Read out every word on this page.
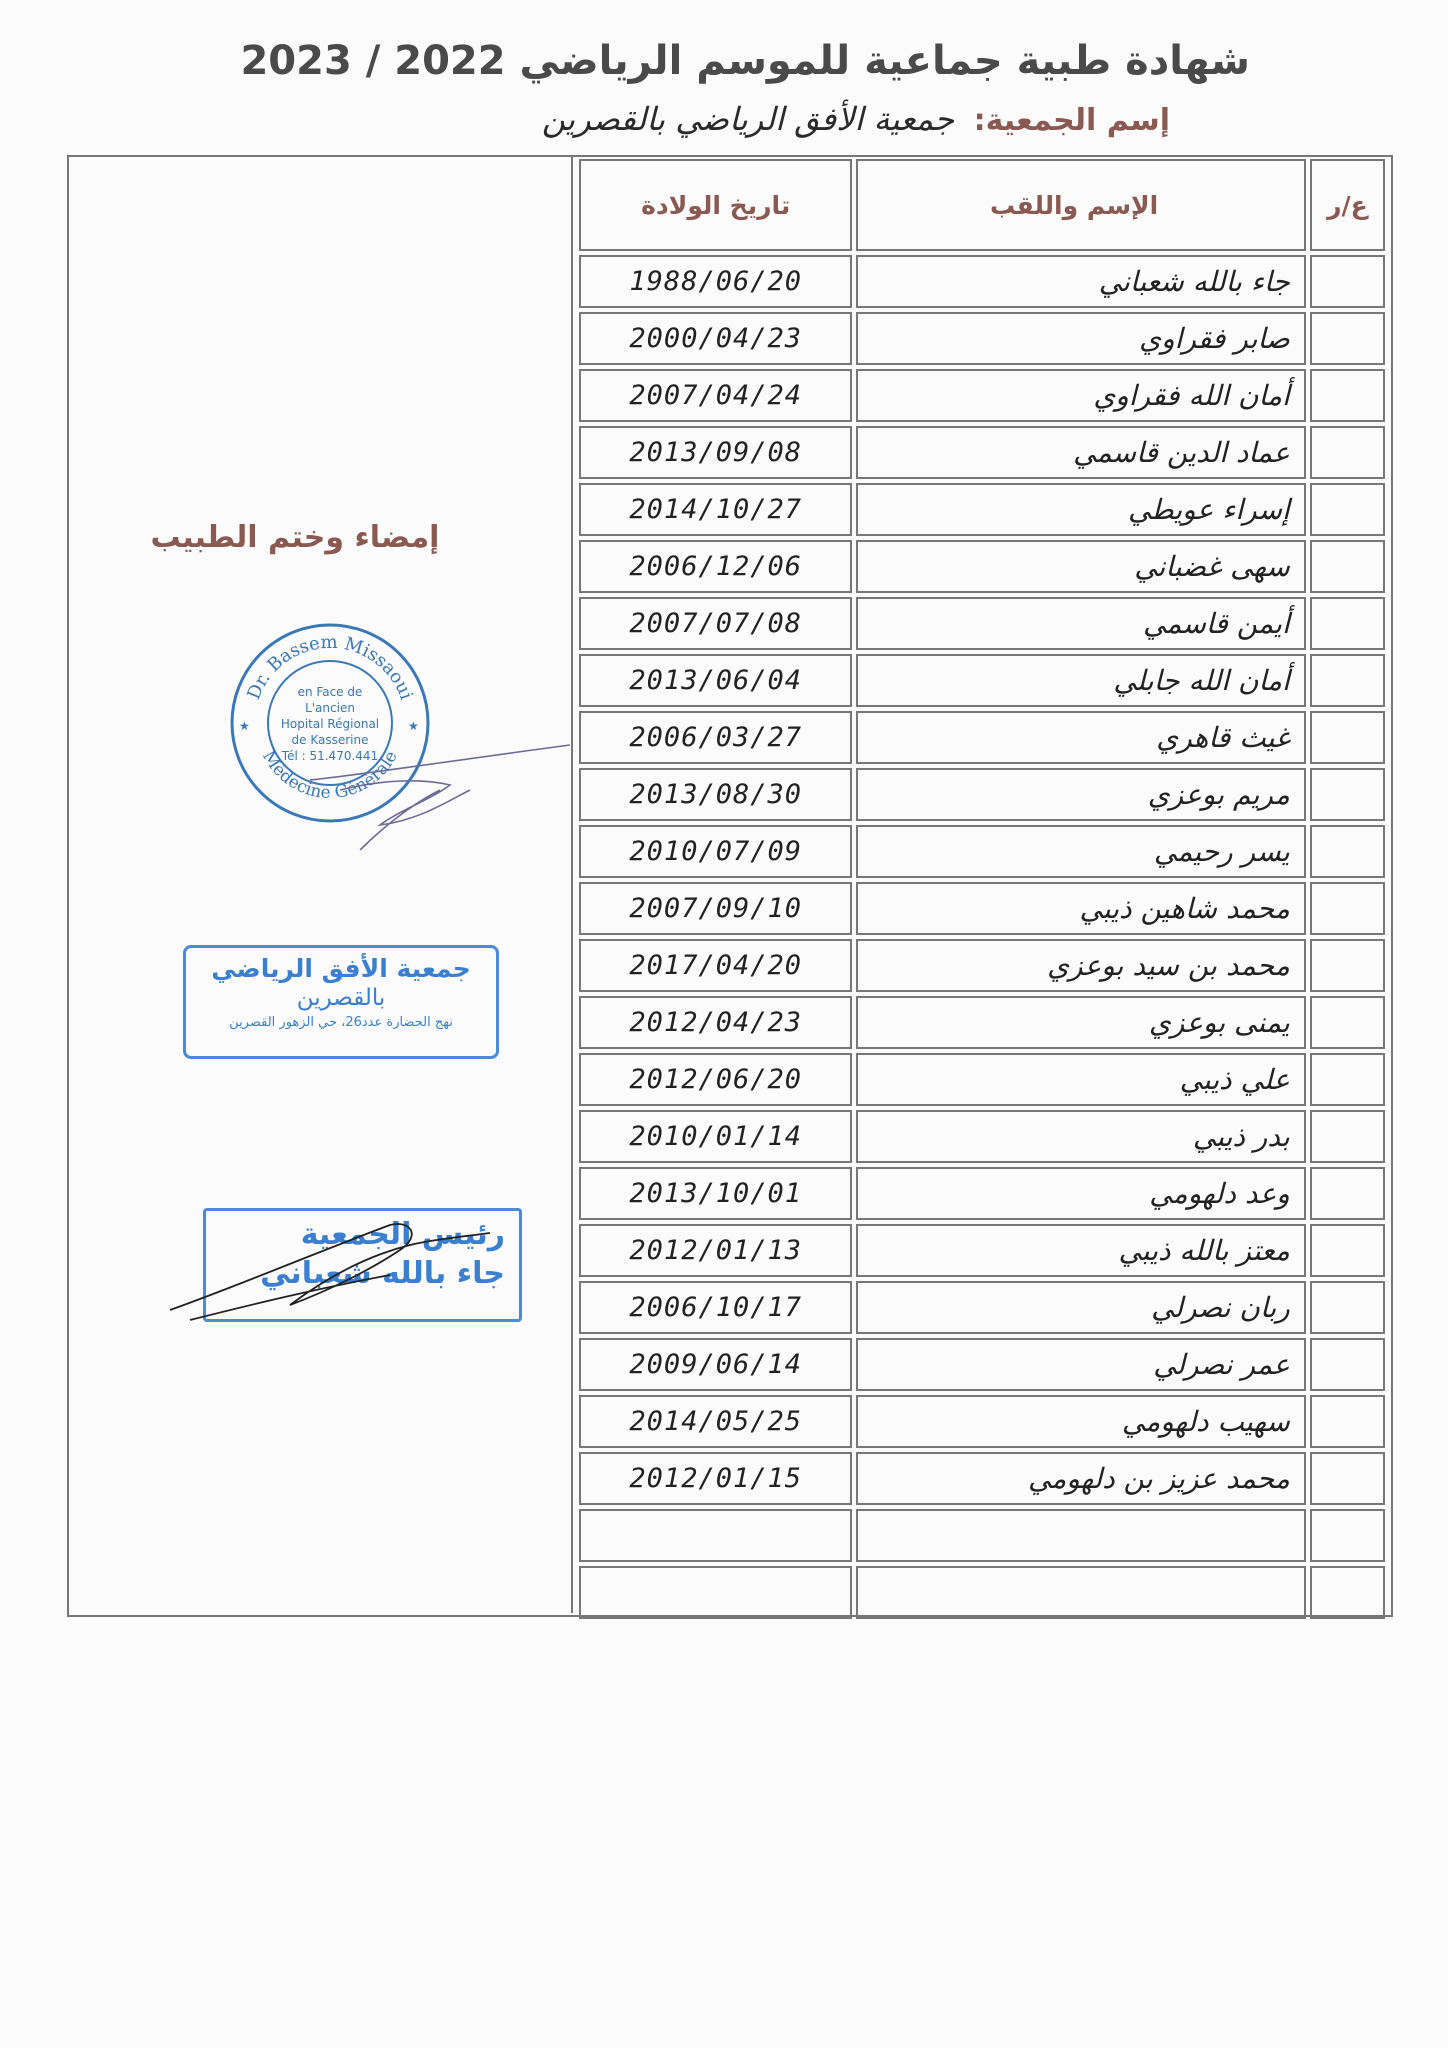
شهادة طبية جماعية للموسم الرياضي 2022 / 2023
إسم الجمعية: جمعية الأفق الرياضي بالقصرين
ع/ر	الإسم واللقب	تاريخ الولادة
	جاء بالله شعباني	1988/06/20
	صابر فقراوي	2000/04/23
	أمان الله فقراوي	2007/04/24
	عماد الدين قاسمي	2013/09/08
	إسراء عويطي	2014/10/27
	سهى غضباني	2006/12/06
	أيمن قاسمي	2007/07/08
	أمان الله جابلي	2013/06/04
	غيث قاهري	2006/03/27
	مريم بوعزي	2013/08/30
	يسر رحيمي	2010/07/09
	محمد شاهين ذيبي	2007/09/10
	محمد بن سيد بوعزي	2017/04/20
	يمنى بوعزي	2012/04/23
	علي ذيبي	2012/06/20
	بدر ذيبي	2010/01/14
	وعد دلهومي	2013/10/01
	معتز بالله ذيبي	2012/01/13
	ربان نصرلي	2006/10/17
	عمر نصرلي	2009/06/14
	سهيب دلهومي	2014/05/25
	محمد عزيز بن دلهومي	2012/01/15

إمضاء وختم الطبيب
Dr. Bassem Missaoui
Médecine Générale
en Face de
L'ancien
Hopital Régional
de Kasserine
Tél : 51.470.441
★	★
جمعية الأفق الرياضي
بالقصرين
نهج الحضارة عدد26، حي الزهور القصرين
رئيس الجمعية
جاء بالله شعباني
